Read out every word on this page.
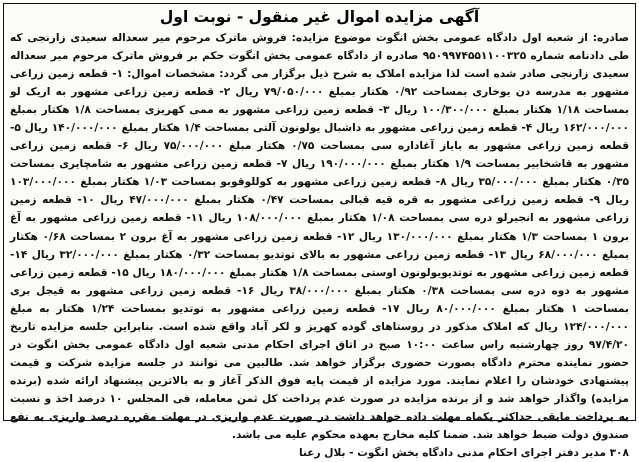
آگهی مزایده اموال غیر منقول - نوبت اول
صادره: از شعبه اول دادگاه عمومی بخش انگوت موضوع مزایده: فروش ماترک مرحوم میر سعداله سعیدی زارنجی که طی دادنامه شماره ۹۵۰۹۹۷۴۵۵۱۱۰۰۳۲۵ صادره از دادگاه عمومی بخش انگوت حکم بر فروش ماترک مرحوم میر سعداله سعیدی زارنجی صادر شده است لذا مزایده املاک به شرح ذیل برگزار می گردد: مشخصات اموال: ۱- قطعه زمین زراعی مشهور به مدرسه دن یوخاری بمساحت ۰/۹۲ هکتار بمبلغ ۷۹/۰۵۰/۰۰۰ ریال ۲- قطعه زمین زراعی مشهور به اریک لو بمساحت ۱/۱۸ هکتار بمبلغ ۱۰۰/۳۰۰/۰۰۰ ریال ۳- قطعه زمین زراعی مشهور به ممی کهریزی بمساحت ۱/۸ هکتار بمبلغ ۱۶۲/۰۰۰/۰۰۰ ریال ۴- قطعه زمین زراعی مشهور به داشبال یولونون آلتی بمساحت ۱/۴ هکتار بمبلغ ۱۴۰/۰۰۰/۰۰۰ ریال ۵- قطعه زمین زراعی مشهور به بایاز آغاداره سی بمساحت ۰/۷۵ هکتار مبلغ ۷۵/۰۰۰/۰۰۰ ریال ۶- قطعه زمین زراعی مشهور به قاشخابیر بمساحت ۱/۹ هکتار بمبلغ ۱۹۰/۰۰۰/۰۰۰ ریال ۷- قطعه زمین زراعی مشهور به شامچایری بمساحت ۰/۳۵ هکتار بمبلغ ۳۵/۰۰۰/۰۰۰ ریال ۸- قطعه زمین زراعی مشهور به کوللوقوبو بمساحت ۱/۰۳ هکتار بمبلغ ۱۰۳/۰۰۰/۰۰۰ ریال ۹- قطعه زمین زراعی مشهور به قره قیه قبالی بمساحت ۰/۴۷ هکتار بمبلغ ۴۷/۰۰۰/۰۰۰ ریال ۱۰- قطعه زمین زراعی مشهور به انجیرلو دره سی بمساحت ۱/۰۸ هکتار بمبلغ ۱۰۸/۰۰۰/۰۰۰ ریال ۱۱- قطعه زمین زراعی مشهور به آغ برون ۱ بمساحت ۱/۳ هکتار بمبلغ ۱۳۰/۰۰۰/۰۰۰ ریال ۱۲- قطعه زمین زراعی مشهور به آغ برون ۲ بمساحت ۰/۶۸ هکتار بمبلغ ۶۸/۰۰۰/۰۰۰ ریال ۱۳- قطعه زمین زراعی مشهور به بالای توتدیو بمساحت ۰/۳۲ هکتار بمبلغ ۳۲/۰۰۰/۰۰۰ ریال ۱۴- قطعه زمین زراعی مشهور به توتدیویولونون اوستی بمساحت ۱/۸ هکتار بمبلغ ۱۸۰/۰۰۰/۰۰۰ ریال ۱۵- قطعه زمین زراعی مشهور به دوه دره سی بمساحت ۰/۳۸ هکتار بمبلغ ۳۸/۰۰۰/۰۰۰ ریال ۱۶- قطعه زمین زراعی مشهور به قیجل بری بمساحت ۱ هکتار بمبلغ ۸۰/۰۰۰/۰۰۰ ریال ۱۷- قطعه زمین زراعی مشهور به توتدیو بمساحت ۱/۲۴ هکتار به مبلغ ۱۲۴/۰۰۰/۰۰۰ ریال که املاک مذکور در روستاهای گوده کهریز و لکر آباد واقع شده است. بنابراین جلسه مزایده تاریخ ۹۷/۴/۲۰ روز چهارشنبه راس ساعت ۱۰:۰۰ صبح در اتاق اجرای احکام مدنی شعبه اول دادگاه عمومی بخش انگوت در حضور نماینده محترم دادگاه بصورت حضوری برگزار خواهد شد. طالبین می توانند در جلسه مزایده شرکت و قیمت پیشنهادی خودشان را اعلام نمایند. مورد مزایده از قیمت پایه فوق الذکر آغاز و به بالاترین پیشنهاد ارائه شده (برنده مزایده) واگذار خواهد شد و از برنده مزایده در صورت عدم پرداخت کل ثمن معامله، فی المجلس ۱۰ درصد اخذ و نسبت به پرداخت مابقی حداکثر یکماه مهلت داده خواهد داشت در صورت عدم واریزی در مهلت مقرره درصد واریزی به نفع صندوق دولت ضبط خواهد شد. ضمنا کلیه مخارج بعهده محکوم علیه می باشد.
۳۰۸ مدیر دفتر اجرای احکام مدنی دادگاه بخش انگوت - بلال رعنا
